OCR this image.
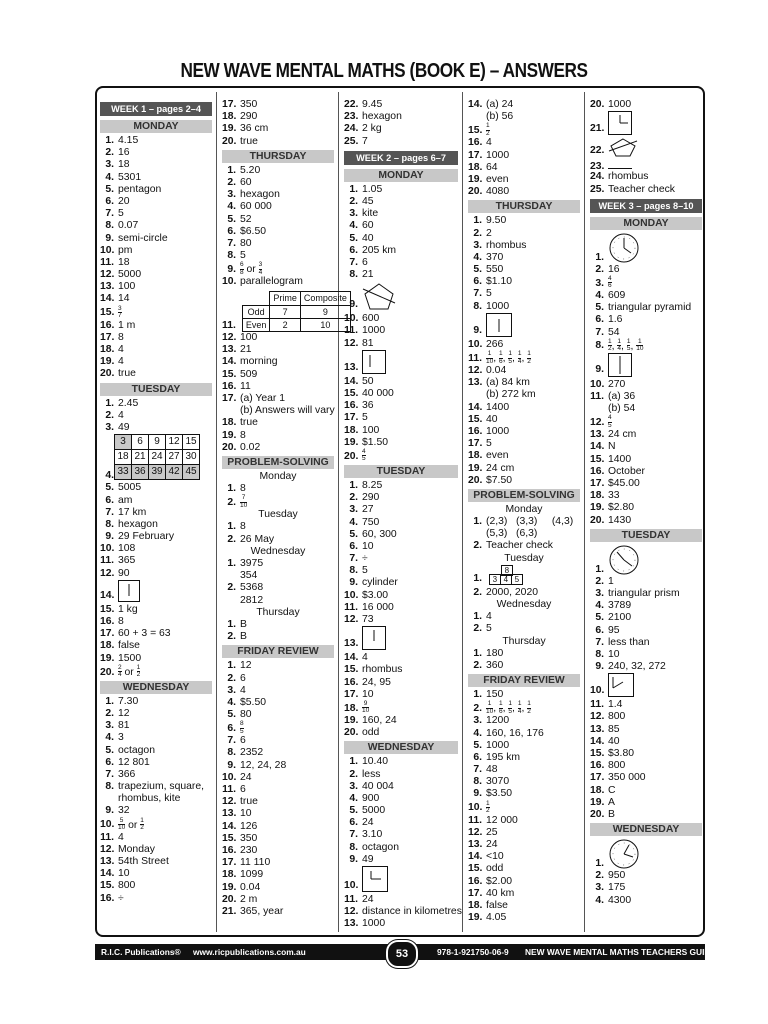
NEW WAVE MENTAL MATHS (BOOK E) – ANSWERS
WEEK 1 – pages 2–4
MONDAY
1. 4.15
2. 16
3. 18
4. 5301
5. pentagon
6. 20
7. 5
8. 0.07
9. semi-circle
10. pm
11. 18
12. 5000
13. 100
14. 14
15. $\frac{3}{7}$
16. 1 m
17. 8
18. 4
19. 4
20. true
TUESDAY
1. 2.45
2. 4
3. 49
3	6	9	12	15
18	21	24	27	30
33	36	39	42	45
4.
5. 5005
6. am
7. 17 km
8. hexagon
9. 29 February
10. 108
11. 365
12. 90
14.
15. 1 kg
16. 8
17. 60 + 3 = 63
18. false
19. 1500
20. $\frac{2}{4}$ or $\frac{1}{2}$
WEDNESDAY
1. 7.30
2. 12
3. 81
4. 3
5. octagon
6. 12 801
7. 366
8. trapezium, square,
rhombus, kite
9. 32
10. $\frac{5}{10}$ or $\frac{1}{2}$
11. 4
12. Monday
13. 54th Street
14. 10
15. 800
16. ÷
17. 350
18. 290
19. 36 cm
20. true
THURSDAY
1. 5.20
2. 60
3. hexagon
4. 60 000
5. 52
6. $6.50
7. 80
8. 5
9. $\frac{6}{8}$ or $\frac{3}{4}$
10. parallelogram
11.
	Prime	Composite
Odd	7	9
Even	2	10
12. 100
13. 21
14. morning
15. 509
16. 11
17. (a) Year 1
(b) Answers will vary
18. true
19. 8
20. 0.02
PROBLEM-SOLVING
Monday
1. 8
2. $\frac{7}{10}$
Tuesday
1. 8
2. 26 May
Wednesday
1. 3975
354
2. 5368
2812
Thursday
1. B
2. B
FRIDAY REVIEW
1. 12
2. 6
3. 4
4. $5.50
5. 80
6. $\frac{8}{5}$
7. 6
8. 2352
9. 12, 24, 28
10. 24
11. 6
12. true
13. 10
14. 126
15. 350
16. 230
17. 11 110
18. 1099
19. 0.04
20. 2 m
21. 365, year
22. 9.45
23. hexagon
24. 2 kg
25. 7
WEEK 2 – pages 6–7
MONDAY
1. 1.05
2. 45
3. kite
4. 60
5. 40
6. 205 km
7. 6
8. 21
9.
10. 600
11. 1000
12. 81
13.
14. 50
15. 40 000
16. 36
17. 5
18. 100
19. $1.50
20. $\frac{4}{5}$
TUESDAY
1. 8.25
2. 290
3. 27
4. 750
5. 60, 300
6. 10
7. ÷
8. 5
9. cylinder
10. $3.00
11. 16 000
12. 73
13.
14. 4
15. rhombus
16. 24, 95
17. 10
18. $\frac{9}{10}$
19. 160, 24
20. odd
WEDNESDAY
1. 10.40
2. less
3. 40 004
4. 900
5. 5000
6. 24
7. 3.10
8. octagon
9. 49
10.
11. 24
12. distance in kilometres
13. 1000
14. (a) 24
(b) 56
15. $\frac{1}{2}$
16. 4
17. 1000
18. 64
19. even
20. 4080
THURSDAY
1. 9.50
2. 2
3. rhombus
4. 370
5. 550
6. $1.10
7. 5
8. 1000
9.
10. 266
11. $\frac{1}{10}$ , $\frac{1}{6}$ , $\frac{1}{5}$ , $\frac{1}{4}$ , $\frac{1}{2}$
12. 0.04
13. (a) 84 km
(b) 272 km
14. 1400
15. 40
16. 1000
17. 5
18. even
19. 24 cm
20. $7.50
PROBLEM-SOLVING
Monday
1. (2,3)   (3,3)     (4,3)
(5,3)   (6,3)
2. Teacher check
Tuesday
1.
8
3 4 5
2. 2000, 2020
Wednesday
1. 4
2. 5
Thursday
1. 180
2. 360
FRIDAY REVIEW
1. 150
2. $\frac{1}{10}$ , $\frac{1}{6}$ , $\frac{1}{5}$ , $\frac{1}{4}$ , $\frac{1}{2}$
3. 1200
4. 160, 16, 176
5. 1000
6. 195 km
7. 48
8. 3070
9. $3.50
10. $\frac{1}{2}$
11. 12 000
12. 25
13. 24
14. <10
15. odd
16. $2.00
17. 40 km
18. false
19. 4.05
20. 1000
21.
22.
23.
24. rhombus
25. Teacher check
WEEK 3 – pages 8–10
MONDAY
1.
2. 16
3. $\frac{4}{6}$
4. 609
5. triangular pyramid
6. 1.6
7. 54
8. $\frac{1}{2}$ , $\frac{1}{4}$ , $\frac{1}{5}$ , $\frac{1}{10}$
9.
10. 270
11. (a) 36
(b) 54
12. $\frac{4}{5}$
13. 24 cm
14. N
15. 1400
16. October
17. $45.00
18. 33
19. $2.80
20. 1430
TUESDAY
1.
2. 1
3. triangular prism
4. 3789
5. 2100
6. 95
7. less than
8. 10
9. 240, 32, 272
10.
11. 1.4
12. 800
13. 85
14. 40
15. $3.80
16. 800
17. 350 000
18. C
19. A
20. B
WEDNESDAY
1.
2. 950
3. 175
4. 4300
R.I.C. Publications® www.ricpublications.com.au	978-1-921750-06-9 NEW WAVE MENTAL MATHS TEACHERS GUIDE
53
